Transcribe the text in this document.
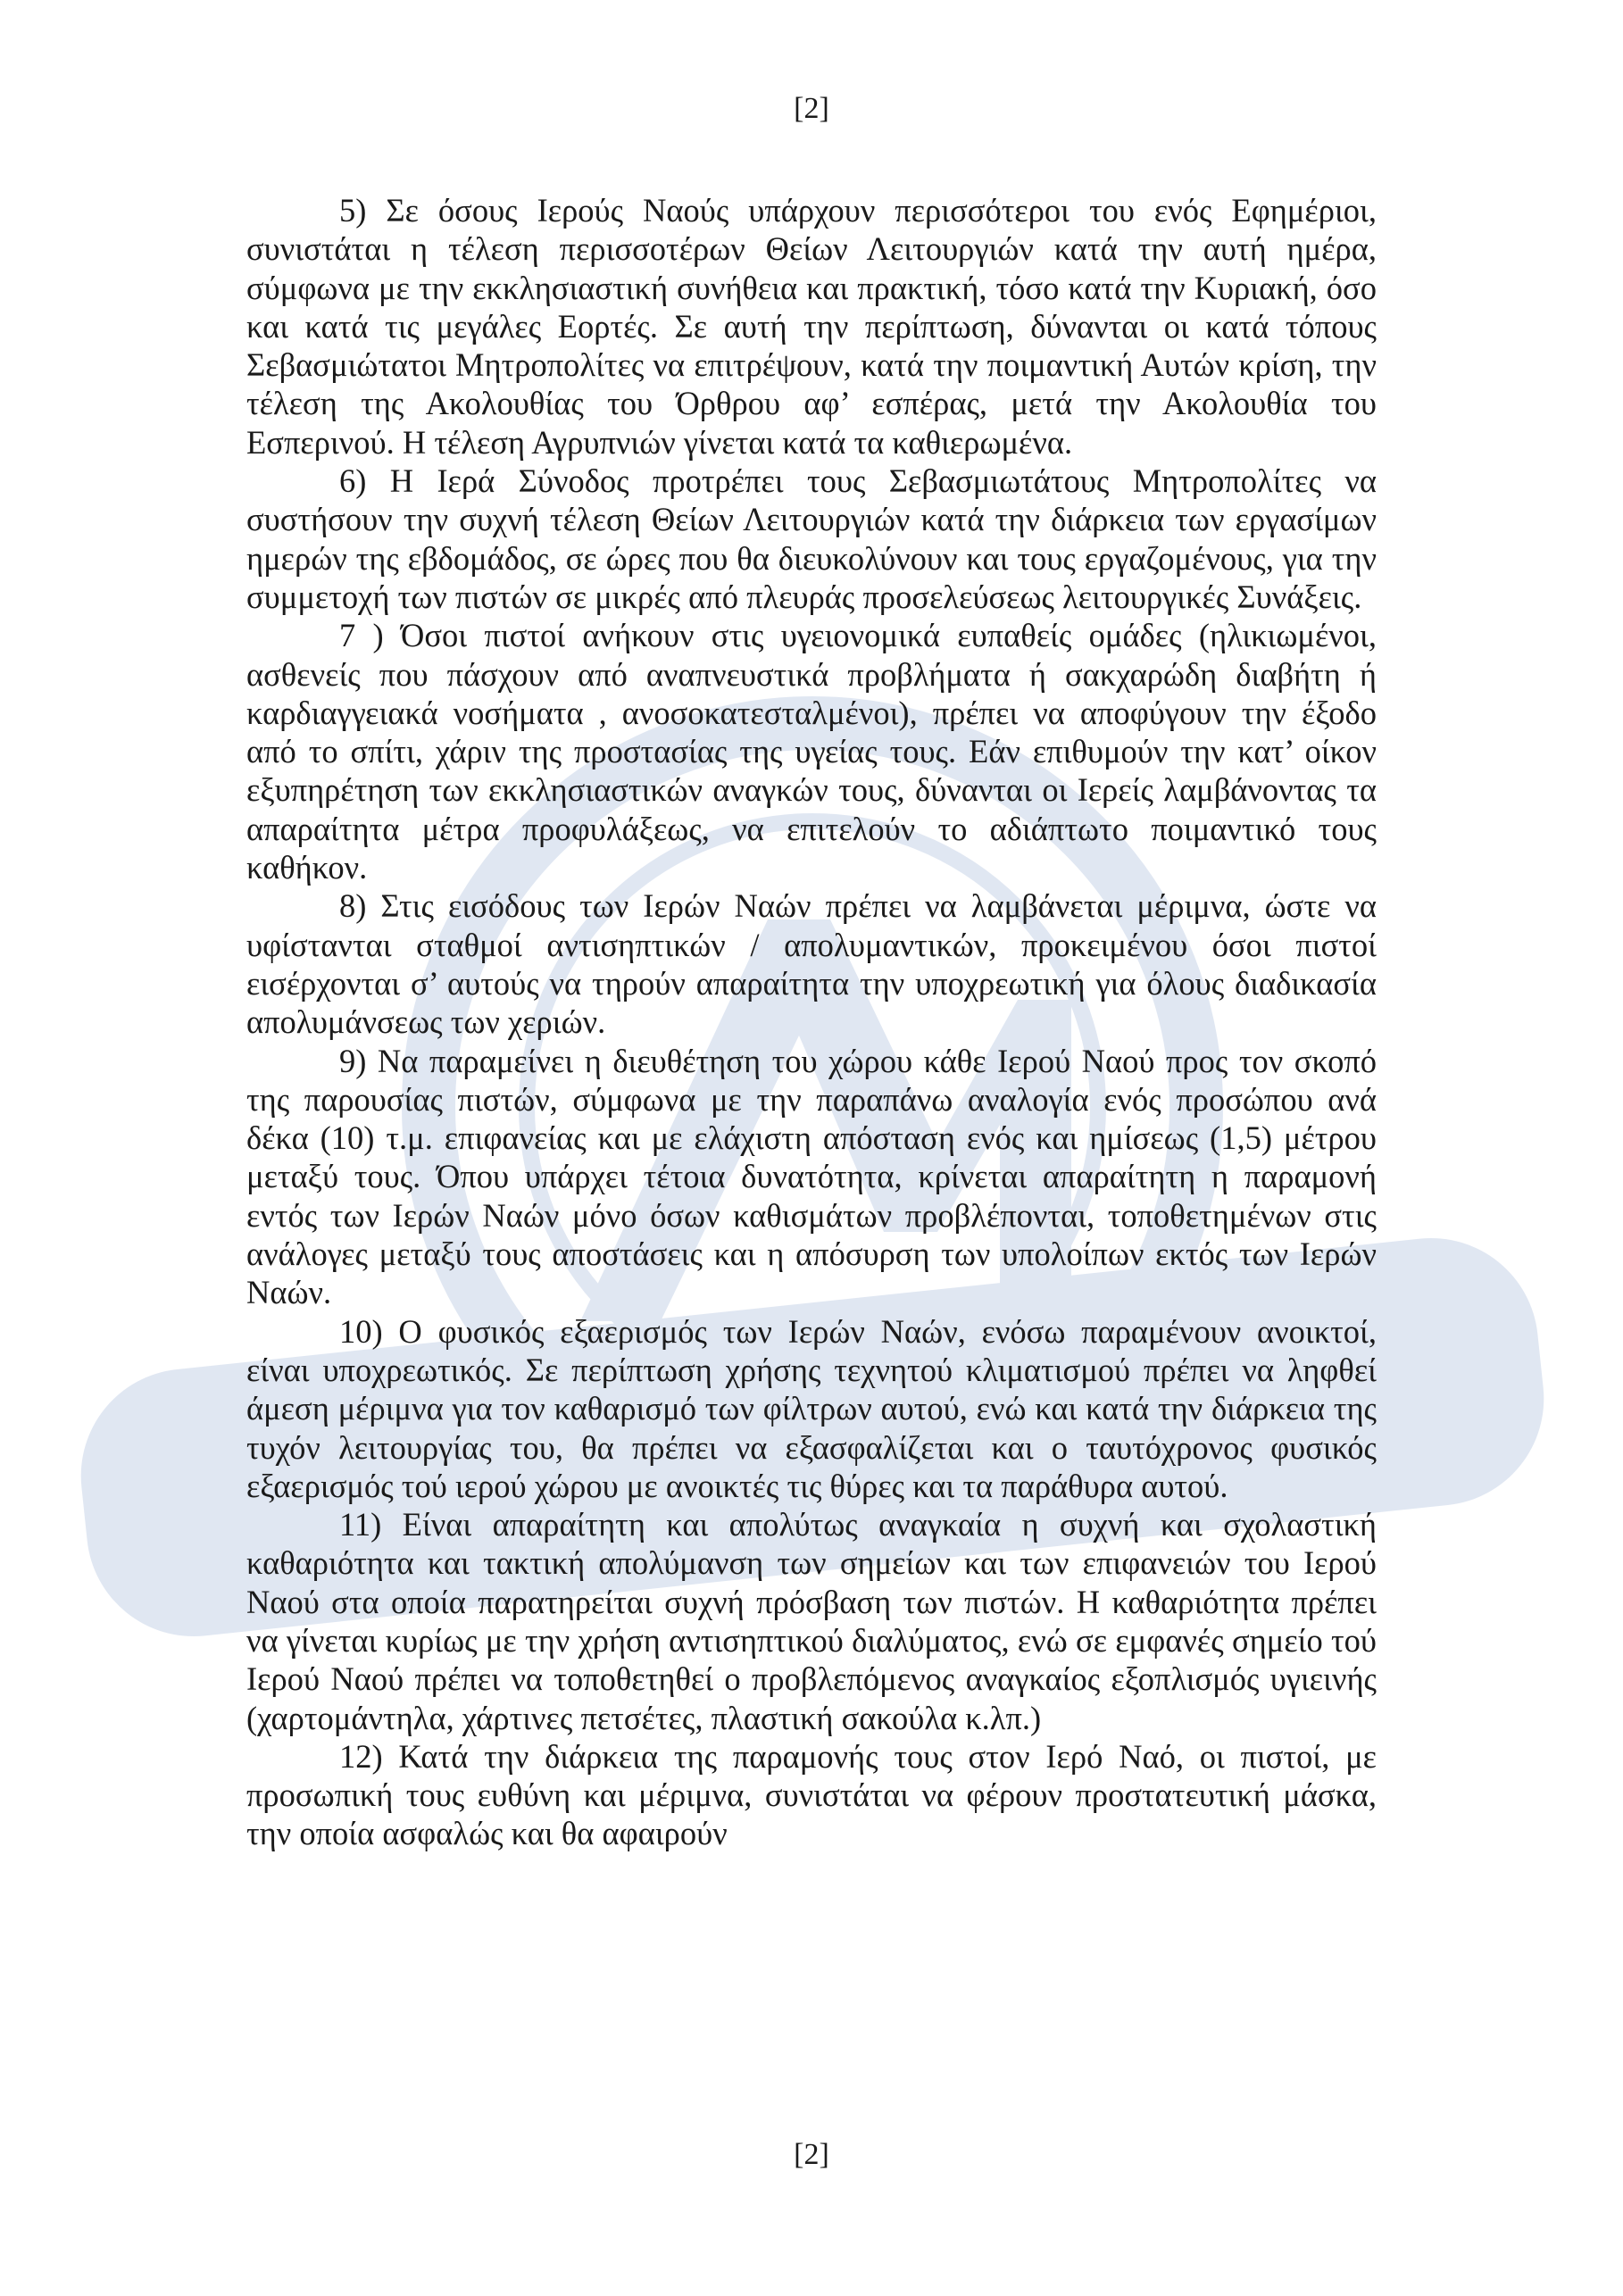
[2]

5) Σε όσους Ιερούς Ναούς υπάρχουν περισσότεροι του ενός Εφημέριοι, συνιστάται η τέλεση περισσοτέρων Θείων Λειτουργιών κατά την αυτή ημέρα, σύμφωνα με την εκκλησιαστική συνήθεια και πρακτική, τόσο κατά την Κυριακή, όσο και κατά τις μεγάλες Εορτές. Σε αυτή την περίπτωση, δύνανται οι κατά τόπους Σεβασμιώτατοι Μητροπολίτες να επιτρέψουν, κατά την ποιμαντική Αυτών κρίση, την τέλεση της Ακολουθίας του Όρθρου αφ’ εσπέρας, μετά την Ακολουθία του Εσπερινού. Η τέλεση Αγρυπνιών γίνεται κατά τα καθιερωμένα.

6) Η Ιερά Σύνοδος προτρέπει τους Σεβασμιωτάτους Μητροπολίτες να συστήσουν την συχνή τέλεση Θείων Λειτουργιών κατά την διάρκεια των εργασίμων ημερών της εβδομάδος, σε ώρες που θα διευκολύνουν και τους εργαζομένους, για την συμμετοχή των πιστών σε μικρές από πλευράς προσελεύσεως λειτουργικές Συνάξεις.

7 ) Όσοι πιστοί ανήκουν στις υγειονομικά ευπαθείς ομάδες (ηλικιωμένοι, ασθενείς που πάσχουν από αναπνευστικά προβλήματα ή σακχαρώδη διαβήτη ή καρδιαγγειακά νοσήματα , ανοσοκατεσταλμένοι), πρέπει να αποφύγουν την έξοδο από το σπίτι, χάριν της προστασίας της υγείας τους. Εάν επιθυμούν την κατ’ οίκον εξυπηρέτηση των εκκλησιαστικών αναγκών τους, δύνανται οι Ιερείς λαμβάνοντας τα απαραίτητα μέτρα προφυλάξεως, να επιτελούν το αδιάπτωτο ποιμαντικό τους καθήκον.

8) Στις εισόδους των Ιερών Ναών πρέπει να λαμβάνεται μέριμνα, ώστε να υφίστανται σταθμοί αντισηπτικών / απολυμαντικών, προκειμένου όσοι πιστοί εισέρχονται σ’ αυτούς να τηρούν απαραίτητα την υποχρεωτική για όλους διαδικασία απολυμάνσεως των χεριών.

9) Να παραμείνει η διευθέτηση του χώρου κάθε Ιερού Ναού προς τον σκοπό της παρουσίας πιστών, σύμφωνα με την παραπάνω αναλογία ενός προσώπου ανά δέκα (10) τ.μ. επιφανείας και με ελάχιστη απόσταση ενός και ημίσεως (1,5) μέτρου μεταξύ τους. Όπου υπάρχει τέτοια δυνατότητα, κρίνεται απαραίτητη η παραμονή εντός των Ιερών Ναών μόνο όσων καθισμάτων προβλέπονται, τοποθετημένων στις ανάλογες μεταξύ τους αποστάσεις και η απόσυρση των υπολοίπων εκτός των Ιερών Ναών.

10) Ο φυσικός εξαερισμός των Ιερών Ναών, ενόσω παραμένουν ανοικτοί, είναι υποχρεωτικός. Σε περίπτωση χρήσης τεχνητού κλιματισμού πρέπει να ληφθεί άμεση μέριμνα για τον καθαρισμό των φίλτρων αυτού, ενώ και κατά την διάρκεια της τυχόν λειτουργίας του, θα πρέπει να εξασφαλίζεται και ο ταυτόχρονος φυσικός εξαερισμός τού ιερού χώρου με ανοικτές τις θύρες και τα παράθυρα αυτού.

11) Είναι απαραίτητη και απολύτως αναγκαία η συχνή και σχολαστική καθαριότητα και τακτική απολύμανση των σημείων και των επιφανειών του Ιερού Ναού στα οποία παρατηρείται συχνή πρόσβαση των πιστών. Η καθαριότητα πρέπει να γίνεται κυρίως με την χρήση αντισηπτικού διαλύματος, ενώ σε εμφανές σημείο τού Ιερού Ναού πρέπει να τοποθετηθεί ο προβλεπόμενος αναγκαίος εξοπλισμός υγιεινής (χαρτομάντηλα, χάρτινες πετσέτες, πλαστική σακούλα κ.λπ.)

12) Κατά την διάρκεια της παραμονής τους στον Ιερό Ναό, οι πιστοί, με προσωπική τους ευθύνη και μέριμνα, συνιστάται να φέρουν προστατευτική μάσκα, την οποία ασφαλώς και θα αφαιρούν

[2]
